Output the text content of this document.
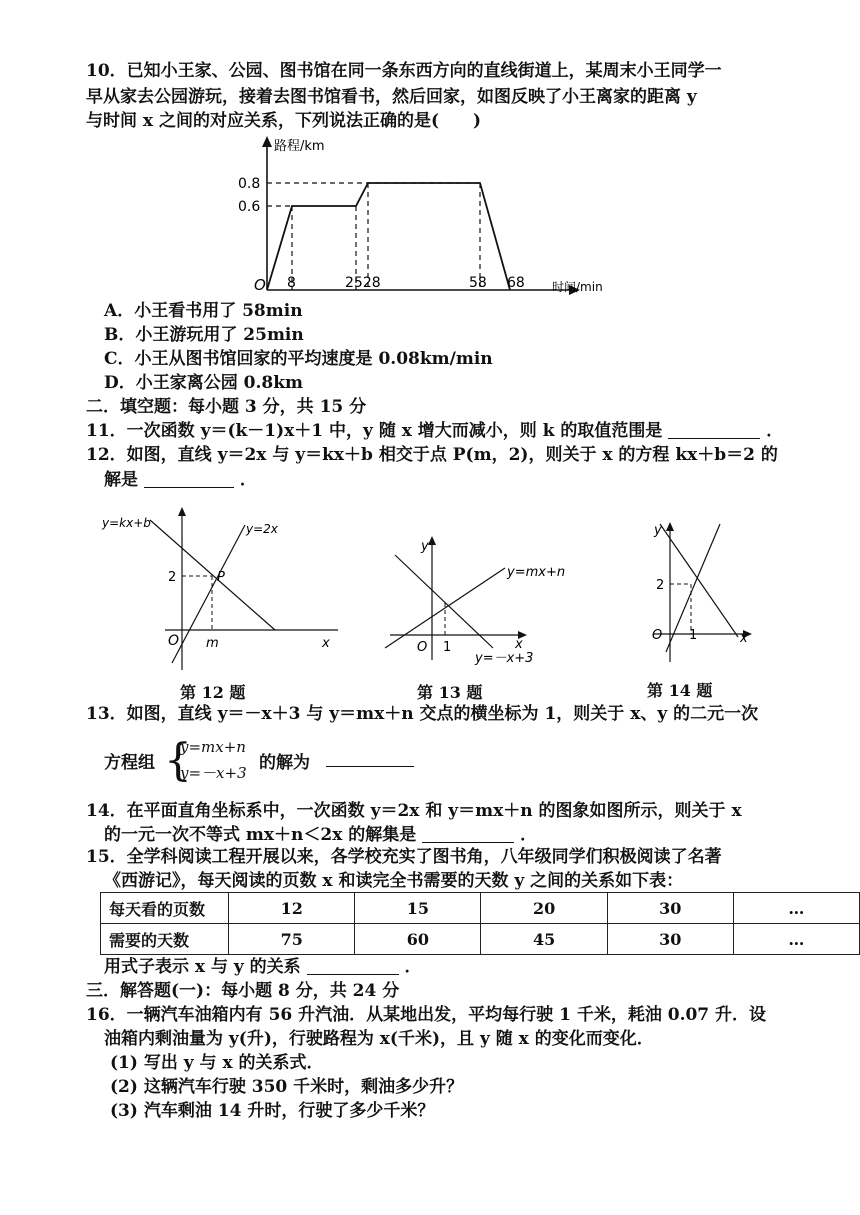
10．已知小王家、公园、图书馆在同一条东西方向的直线街道上，某周末小王同学一
早从家去公园游玩，接着去图书馆看书，然后回家，如图反映了小王离家的距离 y
与时间 x 之间的对应关系，下列说法正确的是(　　)
路程/km
0.8
0.6
O 8	2528	58 68 时间/min
A．小王看书用了 58min
B．小王游玩用了 25min
C．小王从图书馆回家的平均速度是 0.08km/min
D．小王家离公园 0.8km
二．填空题：每小题 3 分，共 15 分
11．一次函数 y＝(k－1)x＋1 中，y 随 x 增大而减小，则 k 的取值范围是	．
12．如图，直线 y＝2x 与 y＝kx＋b 相交于点 P(m，2)，则关于 x 的方程 kx＋b＝2 的
解是	．
y=kx+b	y=2x
P
2
m
O	x
第 12 题
y=mx+n
y=－x+3
y
O 1	x
第 13 题
y
2
O 1	x
第 14 题
13．如图，直线 y＝－x＋3 与 y＝mx＋n 交点的横坐标为 1，则关于 x、y 的二元一次
方程组 {
y=mx+n
y=－x+3 的解为
14．在平面直角坐标系中，一次函数 y＝2x 和 y＝mx＋n 的图象如图所示，则关于 x
的一元一次不等式 mx＋n＜2x 的解集是	．
15．全学科阅读工程开展以来，各学校充实了图书角，八年级同学们积极阅读了名著
《西游记》，每天阅读的页数 x 和读完全书需要的天数 y 之间的关系如下表：
每天看的页数	12	15	20	30	…
需要的天数	75	60	45	30	…
用式子表示 x 与 y 的关系	．
三．解答题(一)：每小题 8 分，共 24 分
16．一辆汽车油箱内有 56 升汽油．从某地出发，平均每行驶 1 千米，耗油 0.07 升．设
油箱内剩油量为 y(升)，行驶路程为 x(千米)，且 y 随 x 的变化而变化．
(1) 写出 y 与 x 的关系式．
(2) 这辆汽车行驶 350 千米时，剩油多少升？
(3) 汽车剩油 14 升时，行驶了多少千米？
